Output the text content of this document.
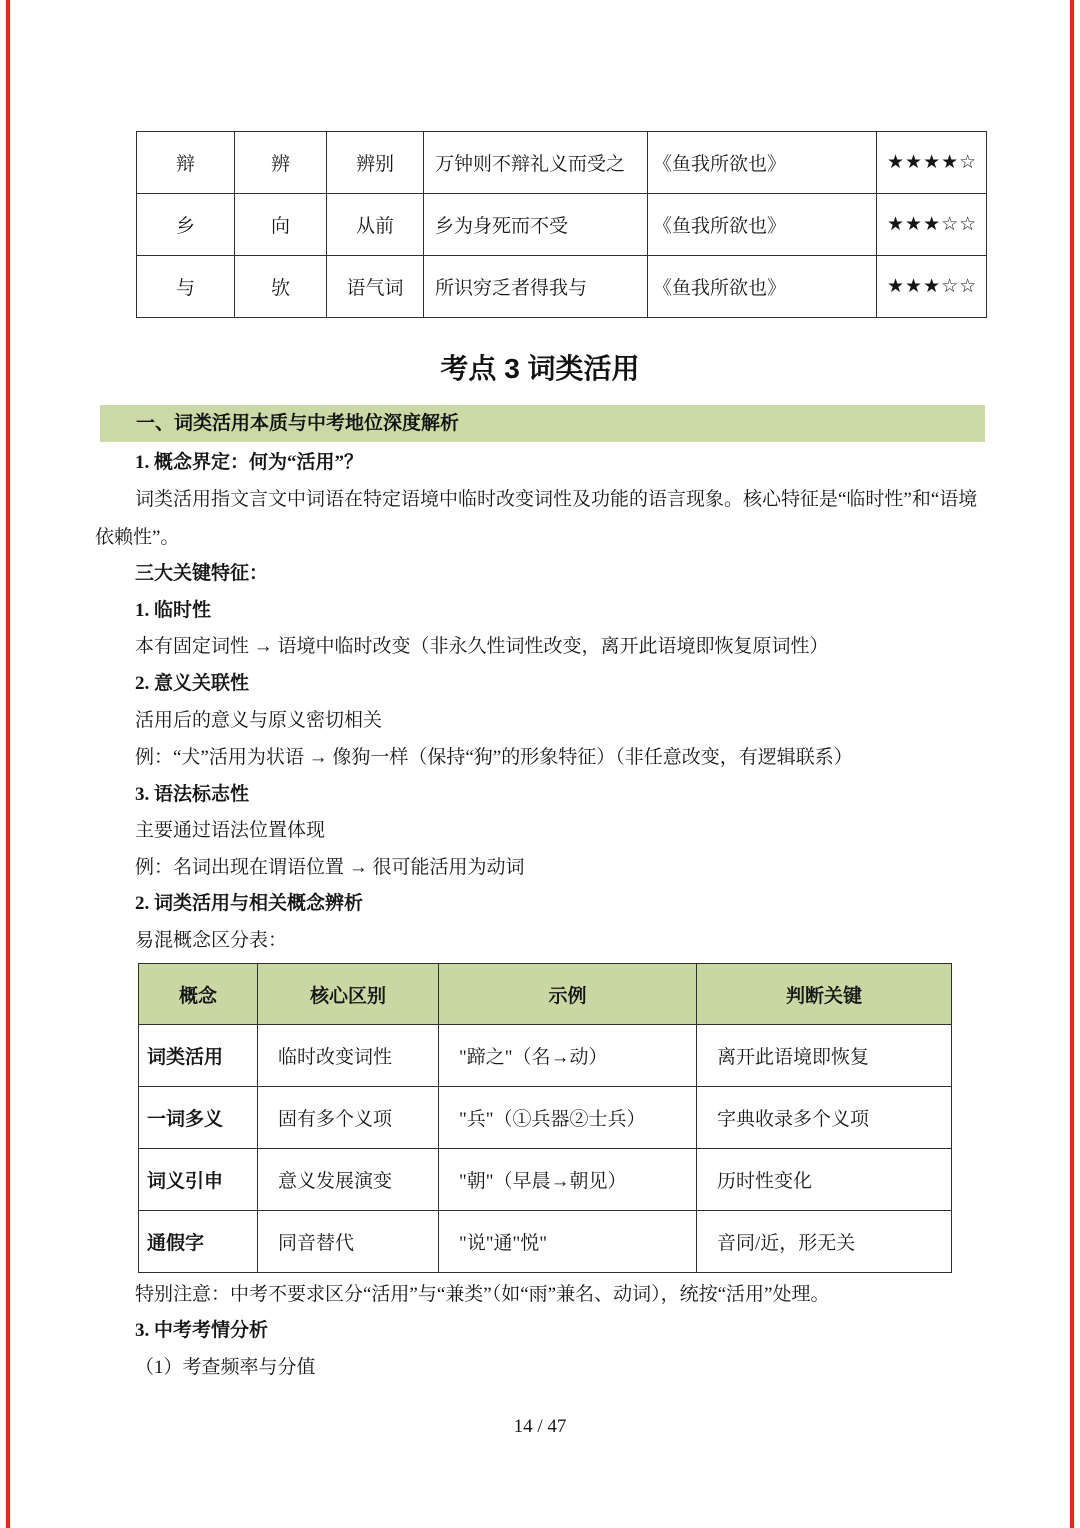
辩	辨	辨别	万钟则不辩礼义而受之	《鱼我所欲也》	★★★★☆
乡	向	从前	乡为身死而不受	《鱼我所欲也》	★★★☆☆
与	欤	语气词	所识穷乏者得我与	《鱼我所欲也》	★★★☆☆
考点 3 词类活用
一、词类活用本质与中考地位深度解析
1. 概念界定：何为“活用”？
词类活用指文言文中词语在特定语境中临时改变词性及功能的语言现象。核心特征是“临时性”和“语境
依赖性”。
三大关键特征：
1. 临时性
本有固定词性 → 语境中临时改变（非永久性词性改变，离开此语境即恢复原词性）
2. 意义关联性
活用后的意义与原义密切相关
例：“犬”活用为状语 → 像狗一样（保持“狗”的形象特征）（非任意改变，有逻辑联系）
3. 语法标志性
主要通过语法位置体现
例：名词出现在谓语位置 → 很可能活用为动词
2. 词类活用与相关概念辨析
易混概念区分表：
概念	核心区别	示例	判断关键
词类活用	临时改变词性	"蹄之"（名→动）	离开此语境即恢复
一词多义	固有多个义项	"兵"（①兵器②士兵）	字典收录多个义项
词义引申	意义发展演变	"朝"（早晨→朝见）	历时性变化
通假字	同音替代	"说"通"悦"	音同/近，形无关
特别注意：中考不要求区分“活用”与“兼类”（如“雨”兼名、动词），统按“活用”处理。
3. 中考考情分析
（1）考查频率与分值
14 / 47
